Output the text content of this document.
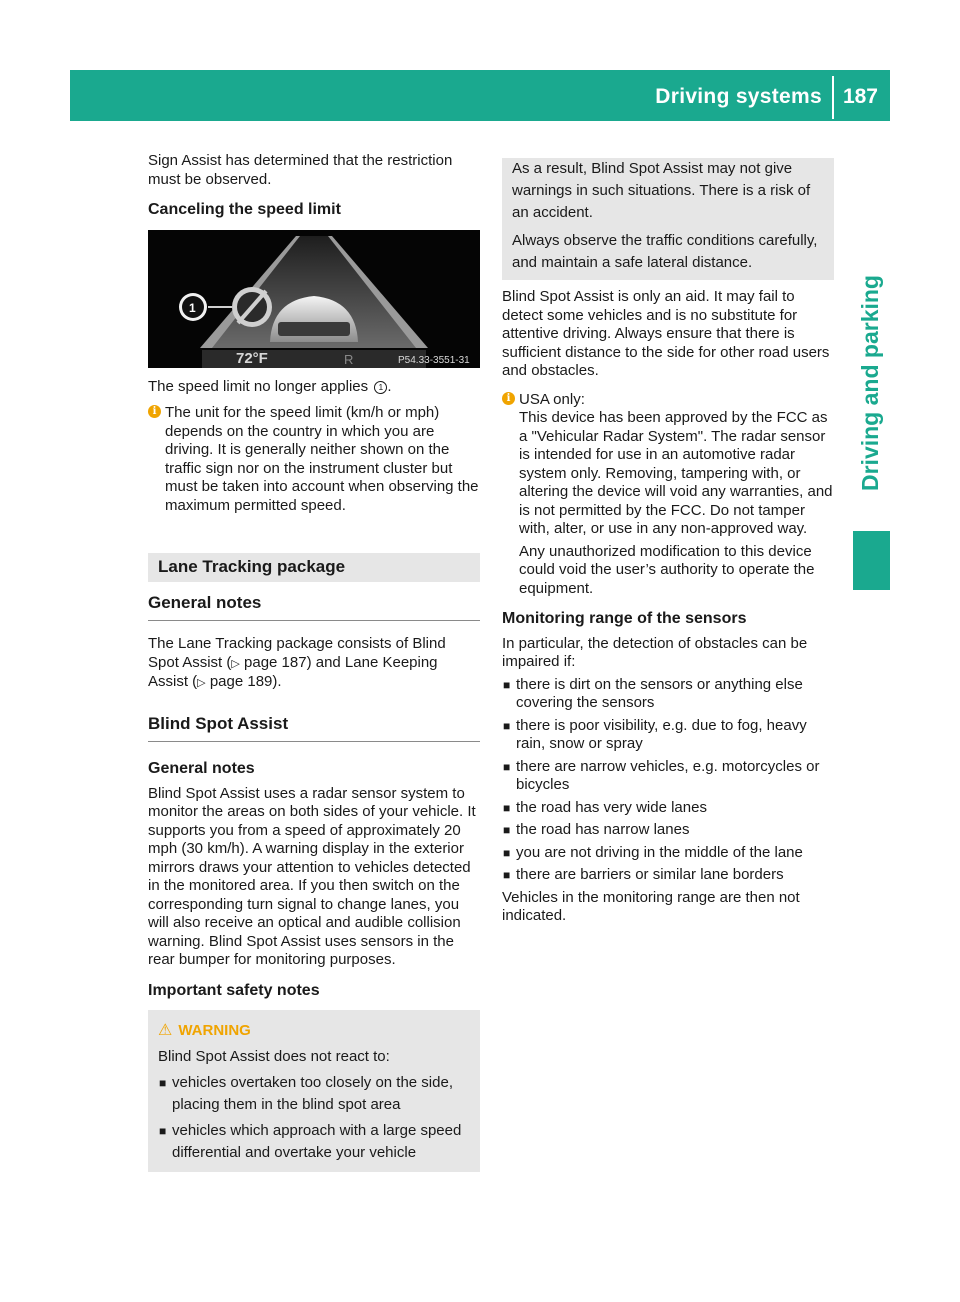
Driving systems 187
Driving and parking

Sign Assist has determined that the restriction must be observed.

Canceling the speed limit
1
72°F	R	P54.33-3551-31

The speed limit no longer applies 1 .

i The unit for the speed limit (km/h or mph) depends on the country in which you are driving. It is generally neither shown on the traffic sign nor on the instrument cluster but must be taken into account when observing the maximum permitted speed.

Lane Tracking package
General notes

The Lane Tracking package consists of Blind Spot Assist (▷ page 187) and Lane Keeping Assist (▷ page 189).

Blind Spot Assist
General notes

Blind Spot Assist uses a radar sensor system to monitor the areas on both sides of your vehicle. It supports you from a speed of approximately 20 mph (30 km/h). A warning display in the exterior mirrors draws your attention to vehicles detected in the monitored area. If you then switch on the corresponding turn signal to change lanes, you will also receive an optical and audible collision warning. Blind Spot Assist uses sensors in the rear bumper for monitoring purposes.

Important safety notes
⚠ WARNING

Blind Spot Assist does not react to:

■ vehicles overtaken too closely on the side, placing them in the blind spot area
■ vehicles which approach with a large speed differential and overtake your vehicle

As a result, Blind Spot Assist may not give warnings in such situations. There is a risk of an accident.

Always observe the traffic conditions carefully, and maintain a safe lateral distance.

Blind Spot Assist is only an aid. It may fail to detect some vehicles and is no substitute for attentive driving. Always ensure that there is sufficient distance to the side for other road users and obstacles.

i USA only:

This device has been approved by the FCC as a "Vehicular Radar System". The radar sensor is intended for use in an automotive radar system only. Removing, tampering with, or altering the device will void any warranties, and is not permitted by the FCC. Do not tamper with, alter, or use in any non-approved way.

Any unauthorized modification to this device could void the user’s authority to operate the equipment.

Monitoring range of the sensors

In particular, the detection of obstacles can be impaired if:

■ there is dirt on the sensors or anything else covering the sensors
■ there is poor visibility, e.g. due to fog, heavy rain, snow or spray
■ there are narrow vehicles, e.g. motorcycles or bicycles
■ the road has very wide lanes
■ the road has narrow lanes
■ you are not driving in the middle of the lane
■ there are barriers or similar lane borders

Vehicles in the monitoring range are then not indicated.
